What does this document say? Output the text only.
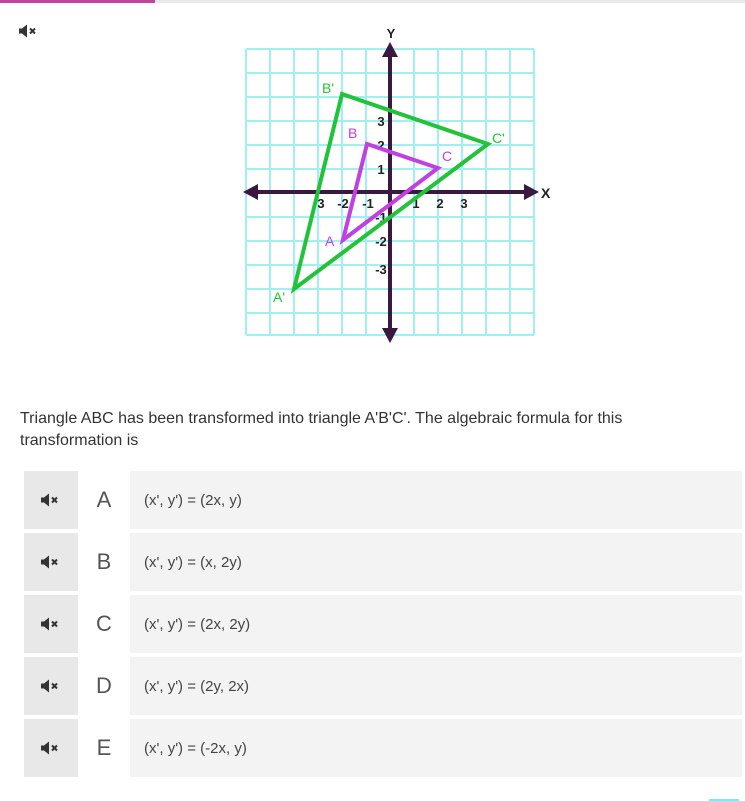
Y
X
3 -2 -1	1 2 3
3
2
1
-1
-2
-3
B'
C'
A'
B
C
A
Triangle ABC has been transformed into triangle A'B'C'. The algebraic formula for this transformation is
A	(x', y') = (2x, y)
B	(x', y') = (x, 2y)
C	(x', y') = (2x, 2y)
D	(x', y') = (2y, 2x)
E	(x', y') = (-2x, y)
